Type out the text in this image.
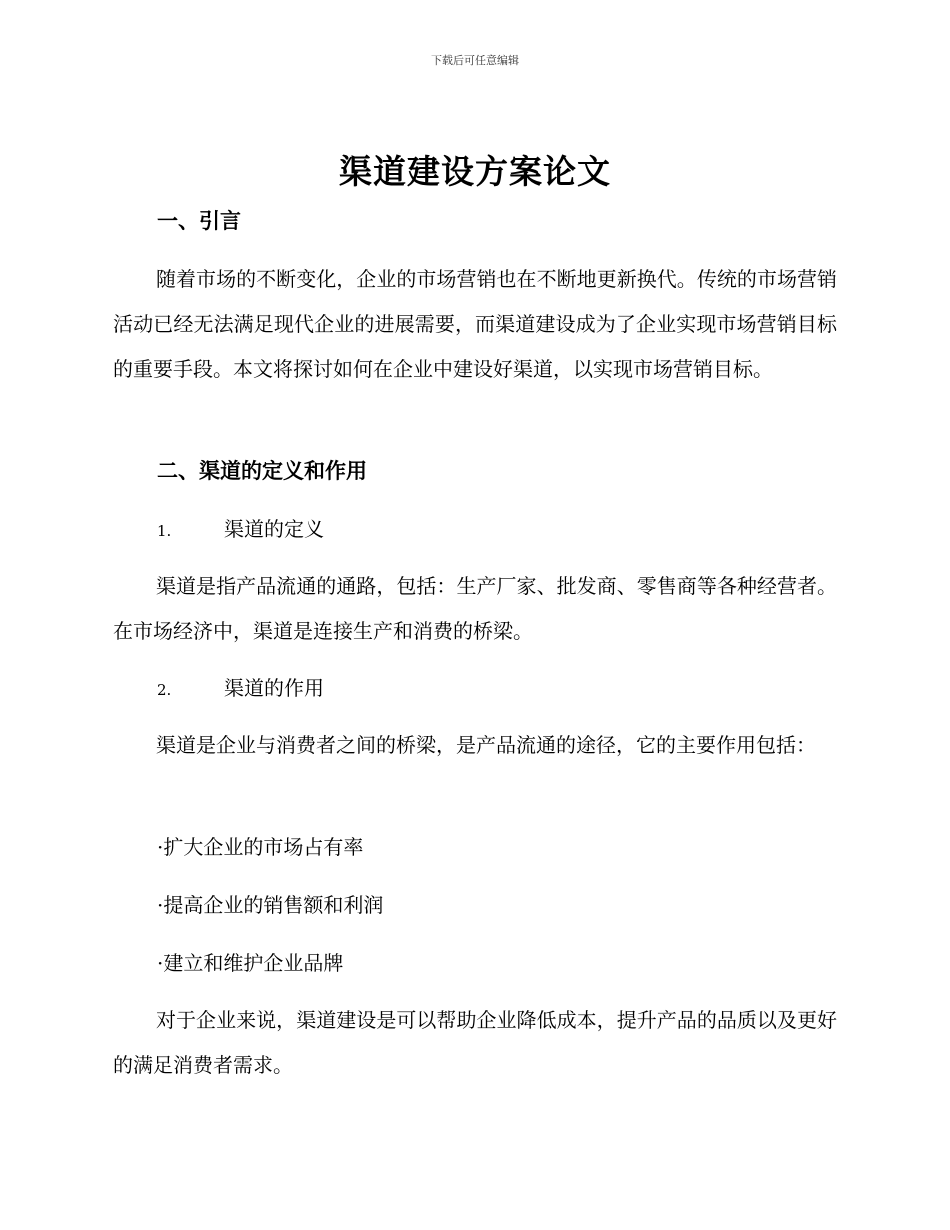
下载后可任意编辑
渠道建设方案论文
一、引言

随着市场的不断变化，企业的市场营销也在不断地更新换代。传统的市场营销活动已经无法满足现代企业的进展需要，而渠道建设成为了企业实现市场营销目标的重要手段。本文将探讨如何在企业中建设好渠道，以实现市场营销目标。

二、渠道的定义和作用
1.	渠道的定义

渠道是指产品流通的通路，包括：生产厂家、批发商、零售商等各种经营者。在市场经济中，渠道是连接生产和消费的桥梁。

2.	渠道的作用

渠道是企业与消费者之间的桥梁，是产品流通的途径，它的主要作用包括：

·扩大企业的市场占有率
·提高企业的销售额和利润
·建立和维护企业品牌

对于企业来说，渠道建设是可以帮助企业降低成本，提升产品的品质以及更好的满足消费者需求。
